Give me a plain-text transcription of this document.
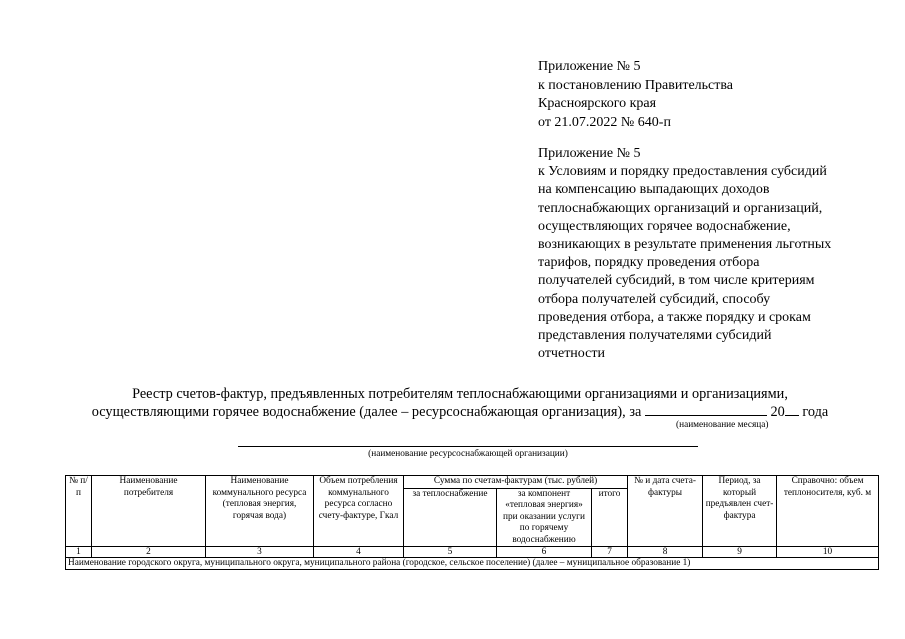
Приложение № 5
к постановлению Правительства
Красноярского края
от 21.07.2022 № 640-п
Приложение № 5
к Условиям и порядку предоставления субсидий
на компенсацию выпадающих доходов
теплоснабжающих организаций и организаций,
осуществляющих горячее водоснабжение,
возникающих в результате применения льготных
тарифов, порядку проведения отбора
получателей субсидий, в том числе критериям
отбора получателей субсидий, способу
проведения отбора, а также порядку и срокам
представления получателями субсидий
отчетности
Реестр счетов-фактур, предъявленных потребителям теплоснабжающими организациями и организациями,
осуществляющими горячее водоснабжение (далее – ресурсоснабжающая организация), за	20 года
(наименование месяца)
(наименование ресурсоснабжающей организации)
№ п/п	Наименование потребителя	Наименование коммунального ресурса (тепловая энергия, горячая вода)	Объем потребления коммунального ресурса согласно счету-фактуре, Гкал	Сумма по счетам-фактурам (тыс. рублей)			№ и дата счета-фактуры	Период, за который предъявлен счет-фактура	Справочно: объем теплоносителя, куб. м
				за теплоснабжение	за компонент «тепловая энергия» при оказании услуги по горячему водоснабжению	итого			
1	2	3	4	5	6	7	8	9	10
Наименование городского округа, муниципального округа, муниципального района (городское, сельское поселение) (далее – муниципальное образование 1)									
